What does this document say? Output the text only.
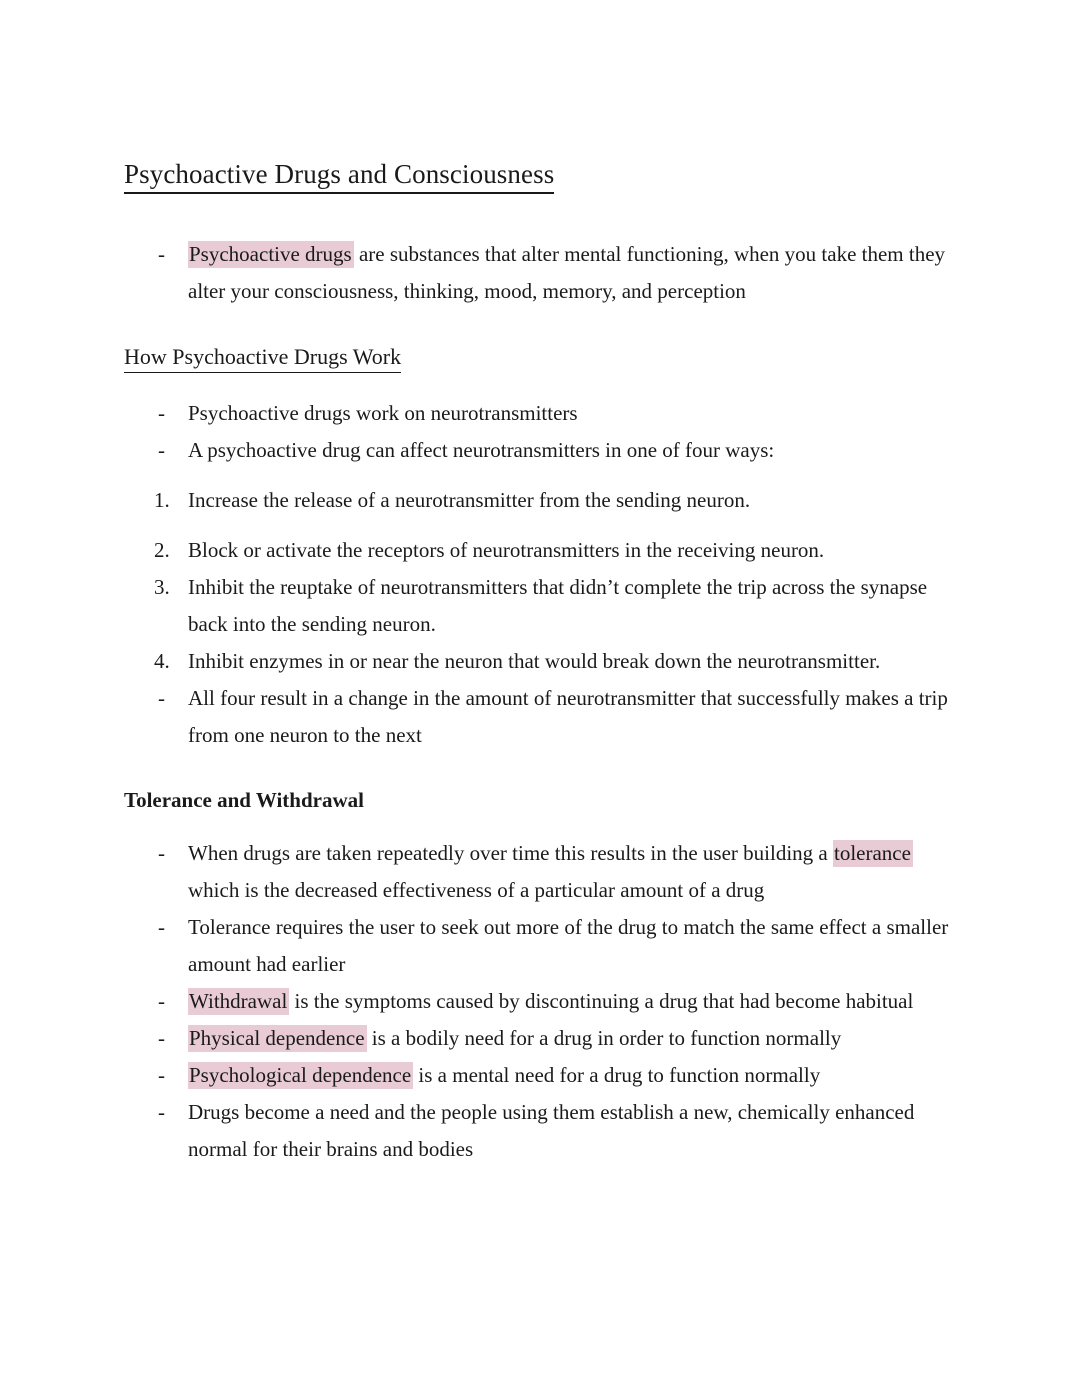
Psychoactive Drugs and Consciousness
-	Psychoactive drugs are substances that alter mental functioning, when you take them they alter your consciousness, thinking, mood, memory, and perception
How Psychoactive Drugs Work
-	Psychoactive drugs work on neurotransmitters
-	A psychoactive drug can affect neurotransmitters in one of four ways:
1. Increase the release of a neurotransmitter from the sending neuron.
2. Block or activate the receptors of neurotransmitters in the receiving neuron.
3. Inhibit the reuptake of neurotransmitters that didn’t complete the trip across the synapse back into the sending neuron.
4. Inhibit enzymes in or near the neuron that would break down the neurotransmitter.
-	All four result in a change in the amount of neurotransmitter that successfully makes a trip from one neuron to the next
Tolerance and Withdrawal
-	When drugs are taken repeatedly over time this results in the user building a tolerance which is the decreased effectiveness of a particular amount of a drug
-	Tolerance requires the user to seek out more of the drug to match the same effect a smaller amount had earlier
-	Withdrawal is the symptoms caused by discontinuing a drug that had become habitual
-	Physical dependence is a bodily need for a drug in order to function normally
-	Psychological dependence is a mental need for a drug to function normally
-	Drugs become a need and the people using them establish a new, chemically enhanced normal for their brains and bodies
